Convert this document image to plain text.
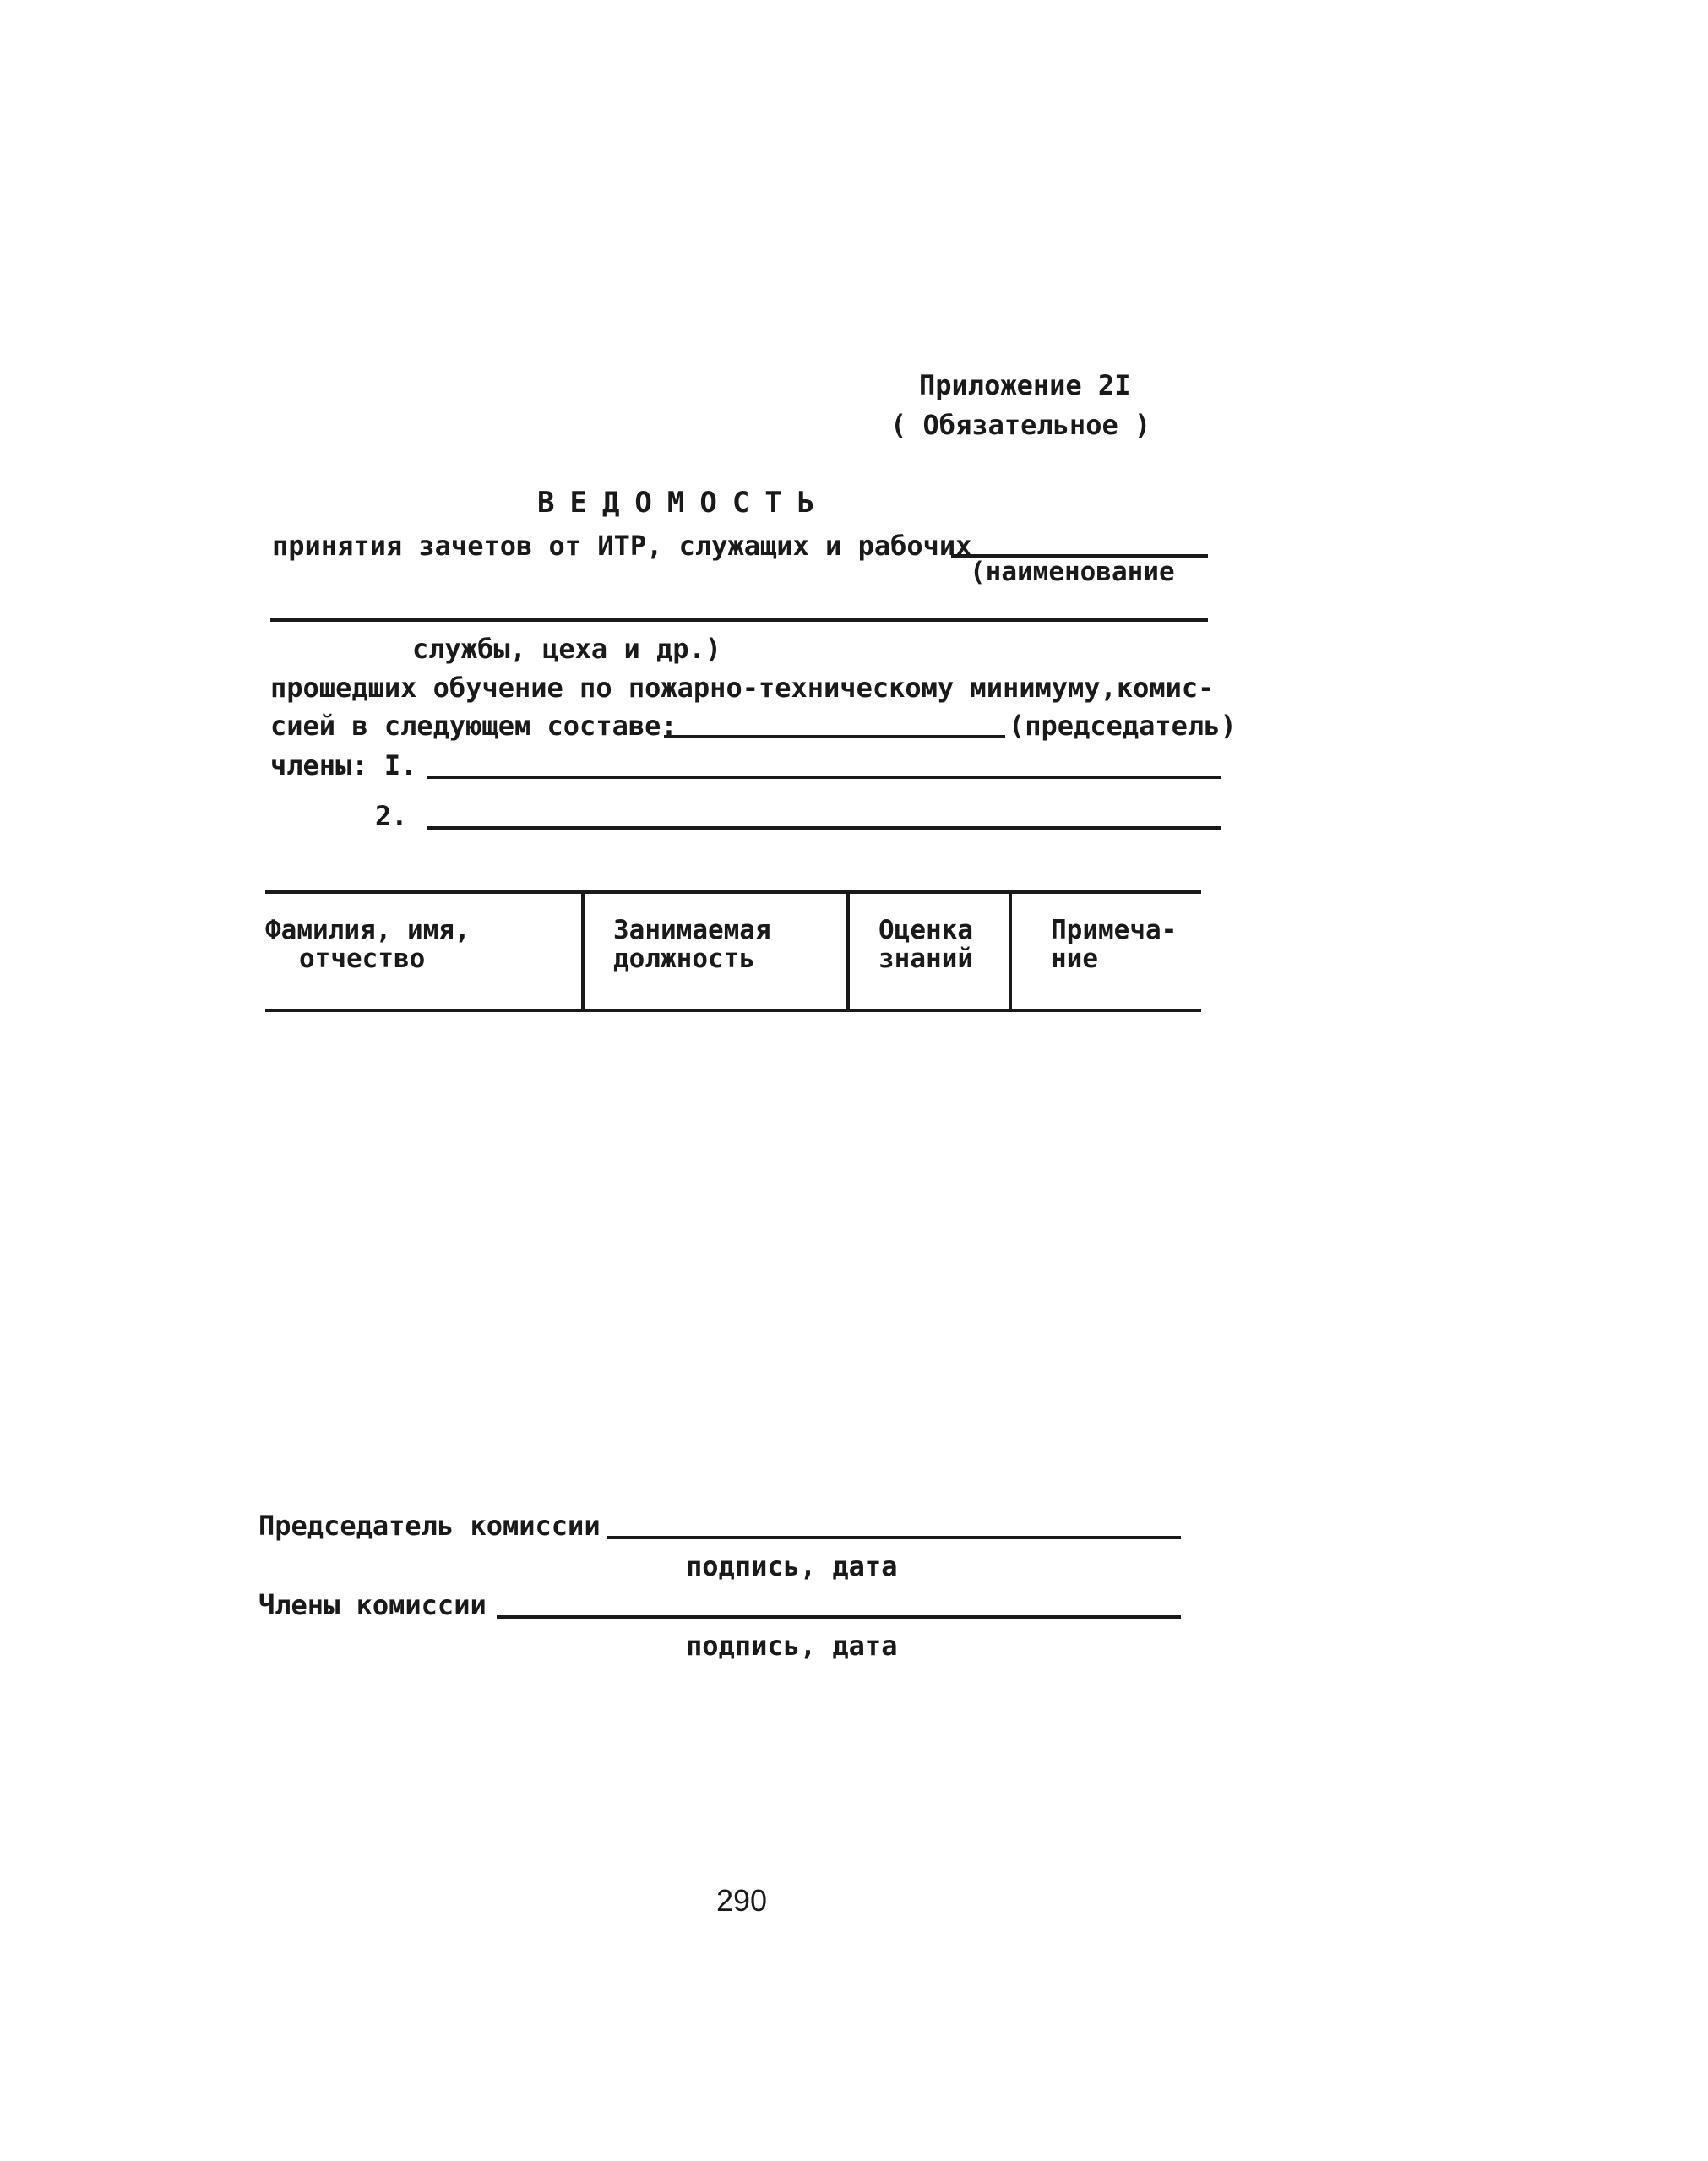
Приложение 2I
( Обязательное )
ВЕДОМОСТЬ
принятия зачетов от ИТР, служащих и рабочих
(наименование
службы, цеха и др.)
прошедших обучение по пожарно-техническому минимуму,комис-
сией в следующем составе:	(председатель)
члены: I.
2.
Фамилия, имя,
отчество
Занимаемая
должность
Оценка
знаний
Примеча-
ние
Председатель комиссии
подпись, дата
Члены комиссии
подпись, дата
290
